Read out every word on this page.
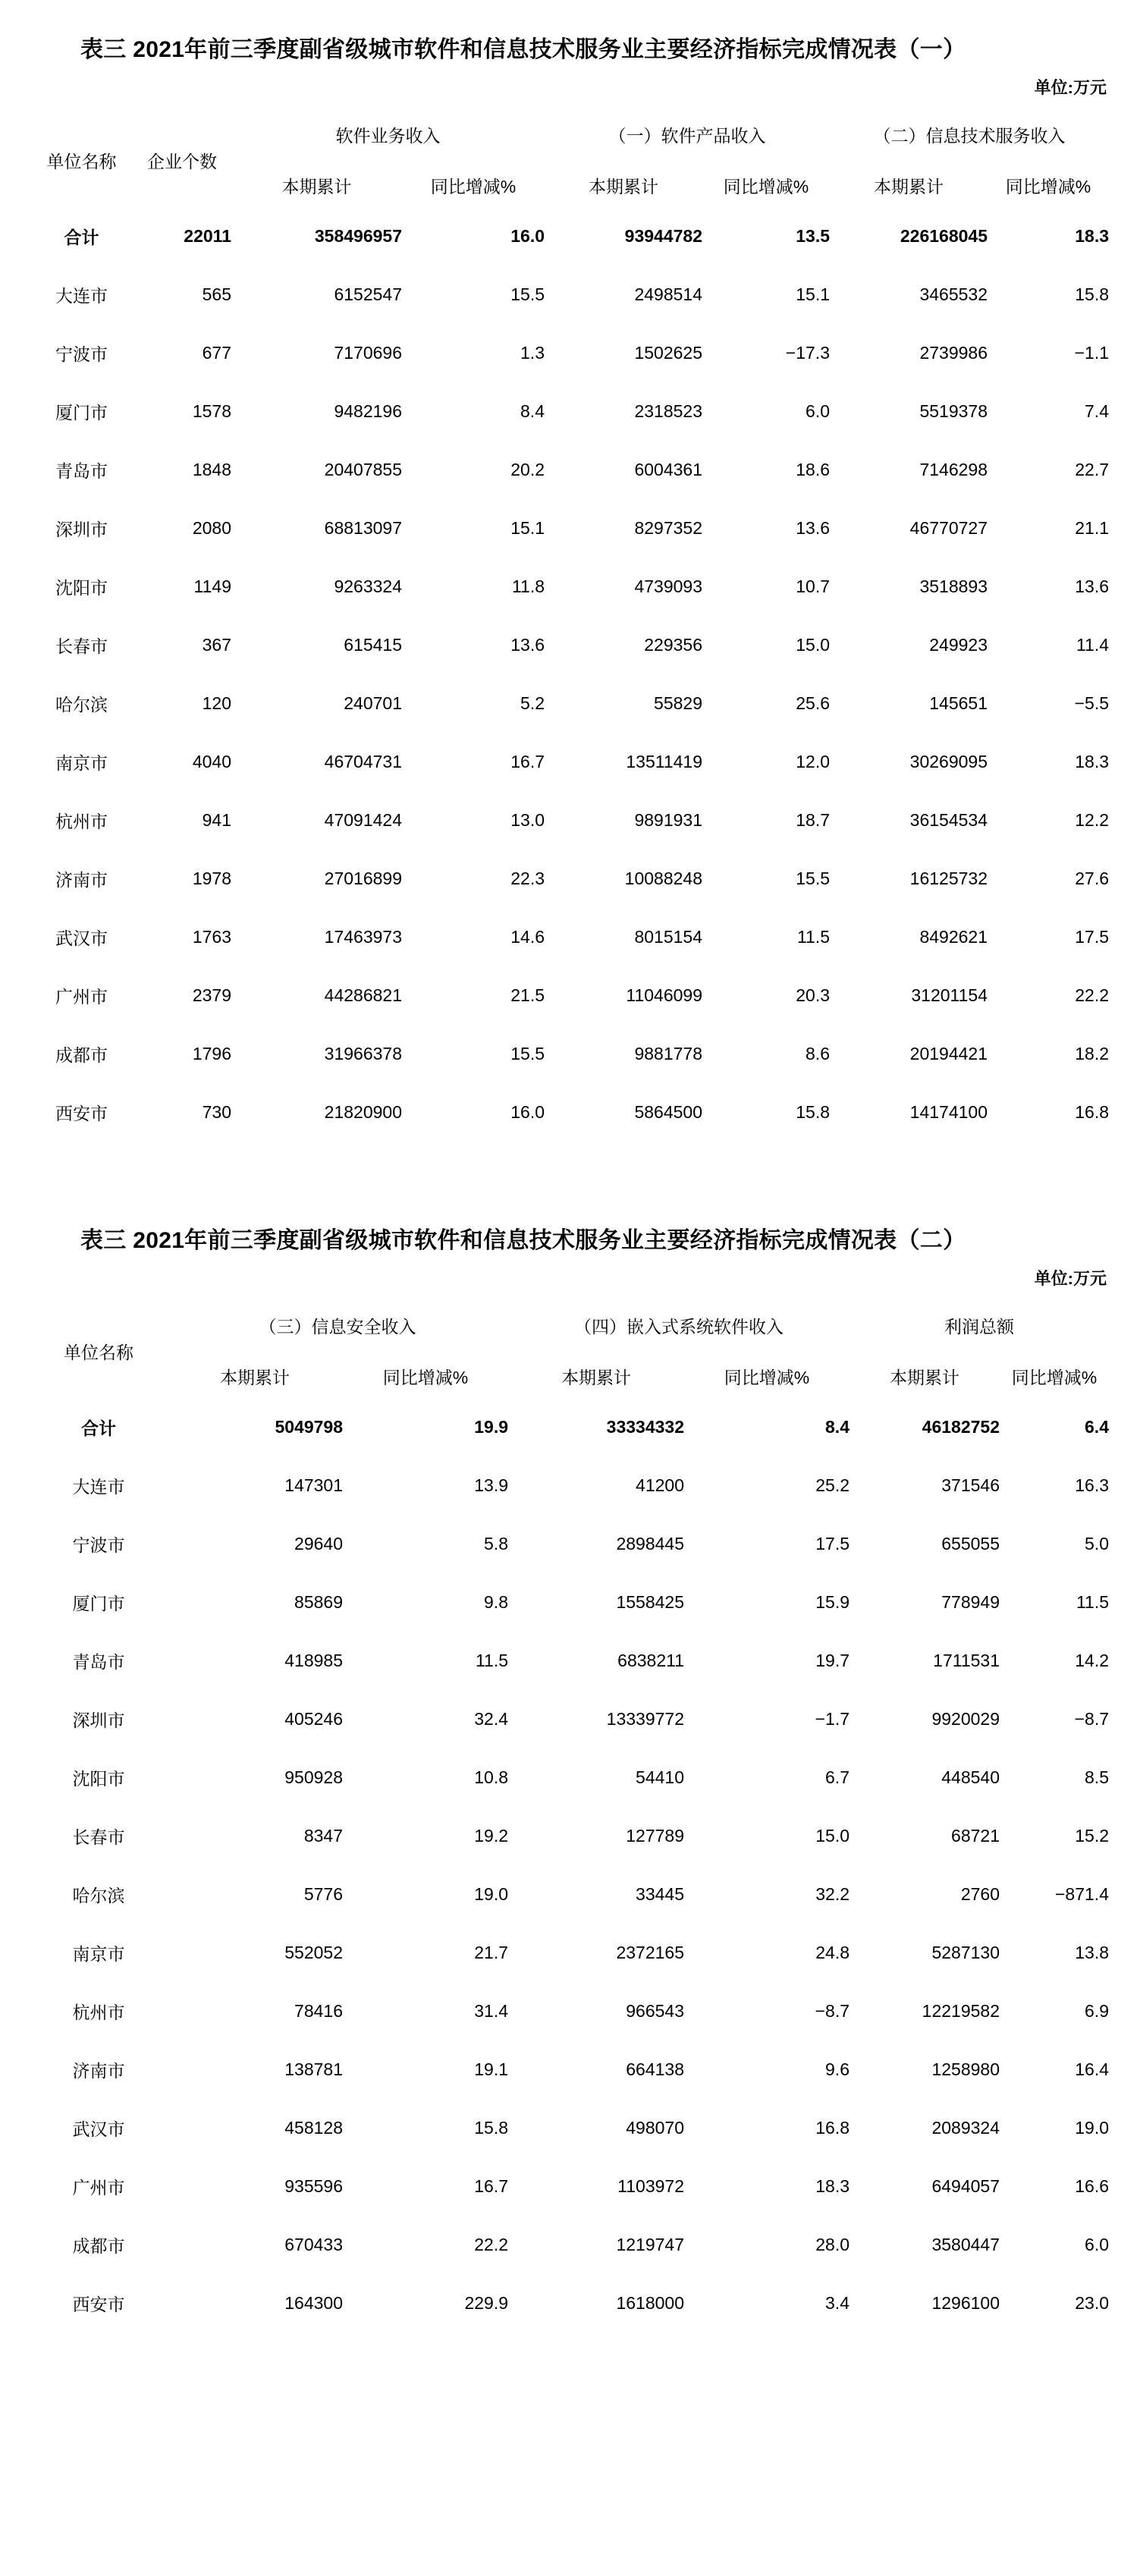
表三 2021年前三季度副省级城市软件和信息技术服务业主要经济指标完成情况表（一）
单位:万元

单位名称	企业个数	软件业务收入		（一）软件产品收入		（二）信息技术服务收入	
		本期累计	同比增减%	本期累计	同比增减%	本期累计	同比增减%

合计	22011	358496957	16.0	93944782	13.5	226168045	18.3

大连市	565	6152547	15.5	2498514	15.1	3465532	15.8

宁波市	677	7170696	1.3	1502625	−17.3	2739986	−1.1

厦门市	1578	9482196	8.4	2318523	6.0	5519378	7.4

青岛市	1848	20407855	20.2	6004361	18.6	7146298	22.7

深圳市	2080	68813097	15.1	8297352	13.6	46770727	21.1

沈阳市	1149	9263324	11.8	4739093	10.7	3518893	13.6

长春市	367	615415	13.6	229356	15.0	249923	11.4

哈尔滨	120	240701	5.2	55829	25.6	145651	−5.5

南京市	4040	46704731	16.7	13511419	12.0	30269095	18.3

杭州市	941	47091424	13.0	9891931	18.7	36154534	12.2

济南市	1978	27016899	22.3	10088248	15.5	16125732	27.6

武汉市	1763	17463973	14.6	8015154	11.5	8492621	17.5

广州市	2379	44286821	21.5	11046099	20.3	31201154	22.2

成都市	1796	31966378	15.5	9881778	8.6	20194421	18.2

西安市	730	21820900	16.0	5864500	15.8	14174100	16.8

表三 2021年前三季度副省级城市软件和信息技术服务业主要经济指标完成情况表（二）
单位:万元

单位名称	（三）信息安全收入		（四）嵌入式系统软件收入		利润总额	
	本期累计	同比增减%	本期累计	同比增减%	本期累计	同比增减%

合计	5049798	19.9	33334332	8.4	46182752	6.4

大连市	147301	13.9	41200	25.2	371546	16.3

宁波市	29640	5.8	2898445	17.5	655055	5.0

厦门市	85869	9.8	1558425	15.9	778949	11.5

青岛市	418985	11.5	6838211	19.7	1711531	14.2

深圳市	405246	32.4	13339772	−1.7	9920029	−8.7

沈阳市	950928	10.8	54410	6.7	448540	8.5

长春市	8347	19.2	127789	15.0	68721	15.2

哈尔滨	5776	19.0	33445	32.2	2760	−871.4

南京市	552052	21.7	2372165	24.8	5287130	13.8

杭州市	78416	31.4	966543	−8.7	12219582	6.9

济南市	138781	19.1	664138	9.6	1258980	16.4

武汉市	458128	15.8	498070	16.8	2089324	19.0

广州市	935596	16.7	1103972	18.3	6494057	16.6

成都市	670433	22.2	1219747	28.0	3580447	6.0

西安市	164300	229.9	1618000	3.4	1296100	23.0
